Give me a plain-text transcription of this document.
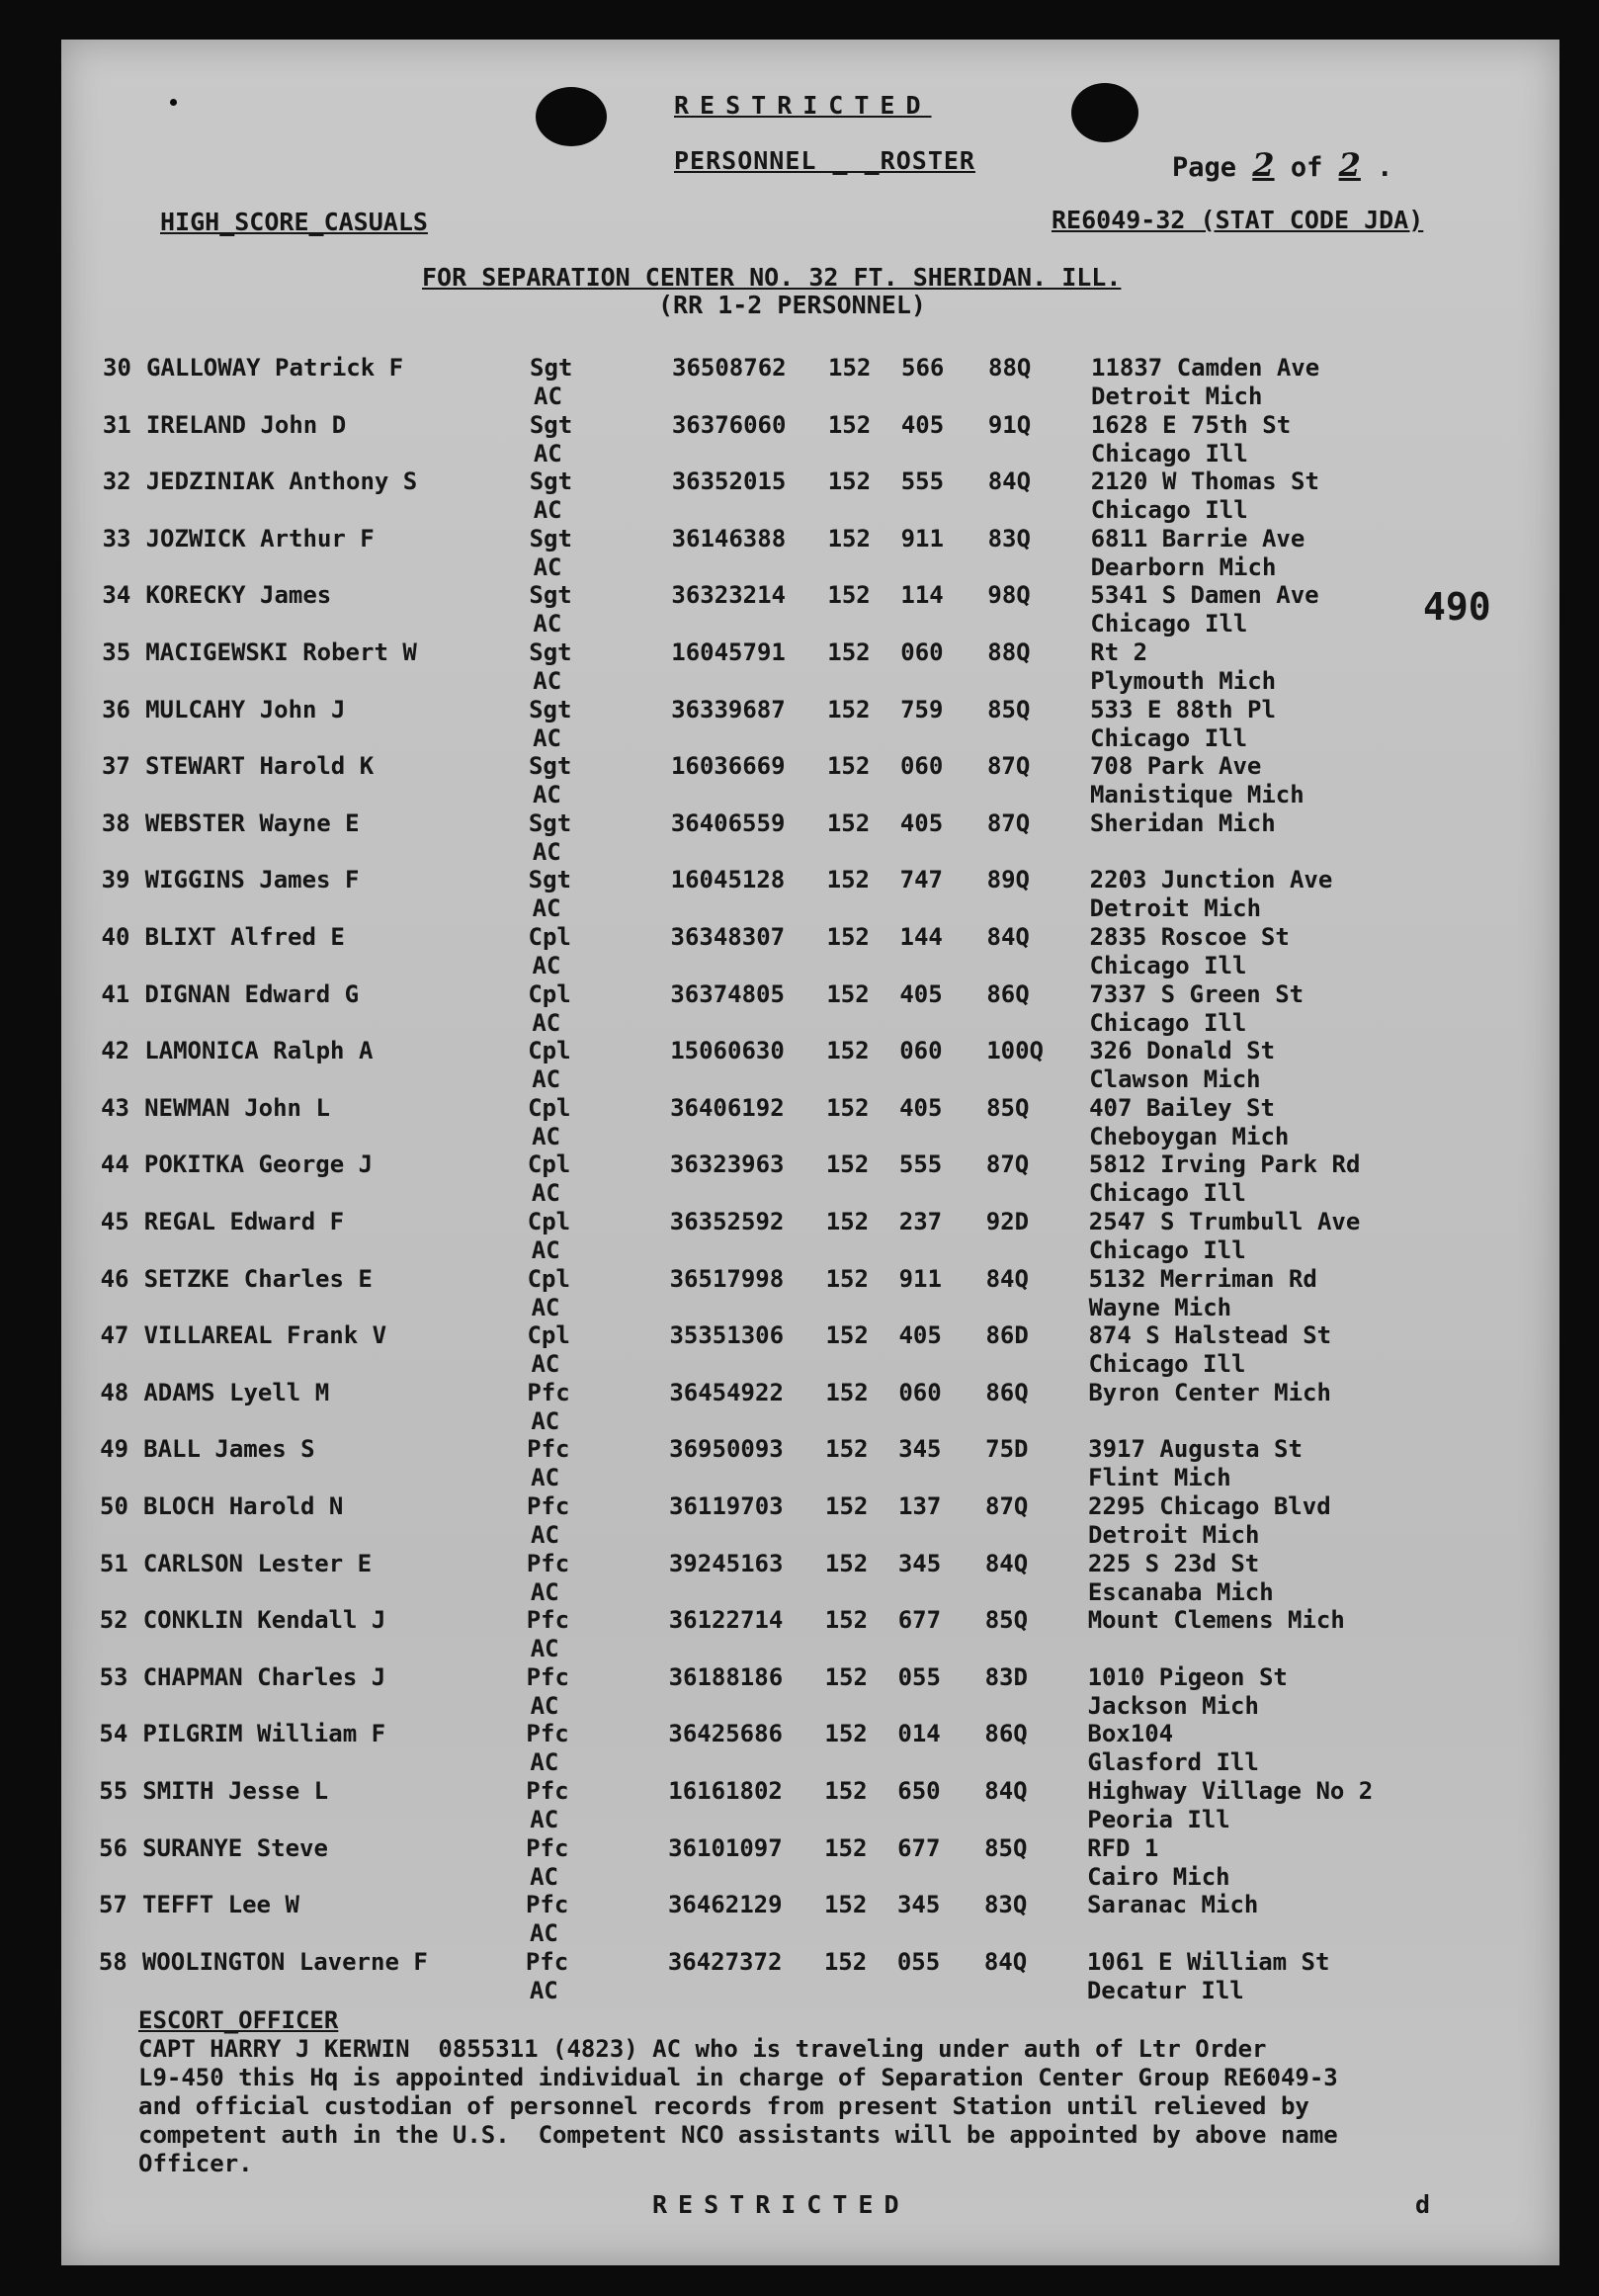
RESTRICTED
PERSONNEL _ _ROSTER	Page 2 of 2 .
HIGH_SCORE_CASUALS	RE6049-32 (STAT CODE JDA)
FOR SEPARATION CENTER NO. 32 FT. SHERIDAN. ILL.
(RR 1-2 PERSONNEL)
490
30 GALLOWAY Patrick F	Sgt	36508762 152 566 88Q	11837 Camden Ave
AC	Detroit Mich
31 IRELAND John D	Sgt	36376060 152 405 91Q	1628 E 75th St
AC	Chicago Ill
32 JEDZINIAK Anthony S	Sgt	36352015 152 555 84Q	2120 W Thomas St
AC	Chicago Ill
33 JOZWICK Arthur F	Sgt	36146388 152 911 83Q	6811 Barrie Ave
AC	Dearborn Mich
34 KORECKY James	Sgt	36323214 152 114 98Q	5341 S Damen Ave
AC	Chicago Ill
35 MACIGEWSKI Robert W	Sgt	16045791 152 060 88Q	Rt 2
AC	Plymouth Mich
36 MULCAHY John J	Sgt	36339687 152 759 85Q	533 E 88th Pl
AC	Chicago Ill
37 STEWART Harold K	Sgt	16036669 152 060 87Q	708 Park Ave
AC	Manistique Mich
38 WEBSTER Wayne E	Sgt	36406559 152 405 87Q	Sheridan Mich
AC
39 WIGGINS James F	Sgt	16045128 152 747 89Q	2203 Junction Ave
AC	Detroit Mich
40 BLIXT Alfred E	Cpl	36348307 152 144 84Q	2835 Roscoe St
AC	Chicago Ill
41 DIGNAN Edward G	Cpl	36374805 152 405 86Q	7337 S Green St
AC	Chicago Ill
42 LAMONICA Ralph A	Cpl	15060630 152 060 100Q 326 Donald St
AC	Clawson Mich
43 NEWMAN John L	Cpl	36406192 152 405 85Q	407 Bailey St
AC	Cheboygan Mich
44 POKITKA George J	Cpl	36323963 152 555 87Q	5812 Irving Park Rd
AC	Chicago Ill
45 REGAL Edward F	Cpl	36352592 152 237 92D	2547 S Trumbull Ave
AC	Chicago Ill
46 SETZKE Charles E	Cpl	36517998 152 911 84Q	5132 Merriman Rd
AC	Wayne Mich
47 VILLAREAL Frank V	Cpl	35351306 152 405 86D	874 S Halstead St
AC	Chicago Ill
48 ADAMS Lyell M	Pfc	36454922 152 060 86Q	Byron Center Mich
AC
49 BALL James S	Pfc	36950093 152 345 75D	3917 Augusta St
AC	Flint Mich
50 BLOCH Harold N	Pfc	36119703 152 137 87Q	2295 Chicago Blvd
AC	Detroit Mich
51 CARLSON Lester E	Pfc	39245163 152 345 84Q	225 S 23d St
AC	Escanaba Mich
52 CONKLIN Kendall J	Pfc	36122714 152 677 85Q	Mount Clemens Mich
AC
53 CHAPMAN Charles J	Pfc	36188186 152 055 83D	1010 Pigeon St
AC	Jackson Mich
54 PILGRIM William F	Pfc	36425686 152 014 86Q	Box104
AC	Glasford Ill
55 SMITH Jesse L	Pfc	16161802 152 650 84Q	Highway Village No 2
AC	Peoria Ill
56 SURANYE Steve	Pfc	36101097 152 677 85Q	RFD 1
AC	Cairo Mich
57 TEFFT Lee W	Pfc	36462129 152 345 83Q	Saranac Mich
AC
58 WOOLINGTON Laverne F	Pfc	36427372 152 055 84Q	1061 E William St
AC	Decatur Ill
ESCORT_OFFICER
CAPT HARRY J KERWIN  0855311 (4823) AC who is traveling under auth of Ltr Order
L9-450 this Hq is appointed individual in charge of Separation Center Group RE6049-3
and official custodian of personnel records from present Station until relieved by
competent auth in the U.S.  Competent NCO assistants will be appointed by above name
Officer.
RESTRICTED	d
